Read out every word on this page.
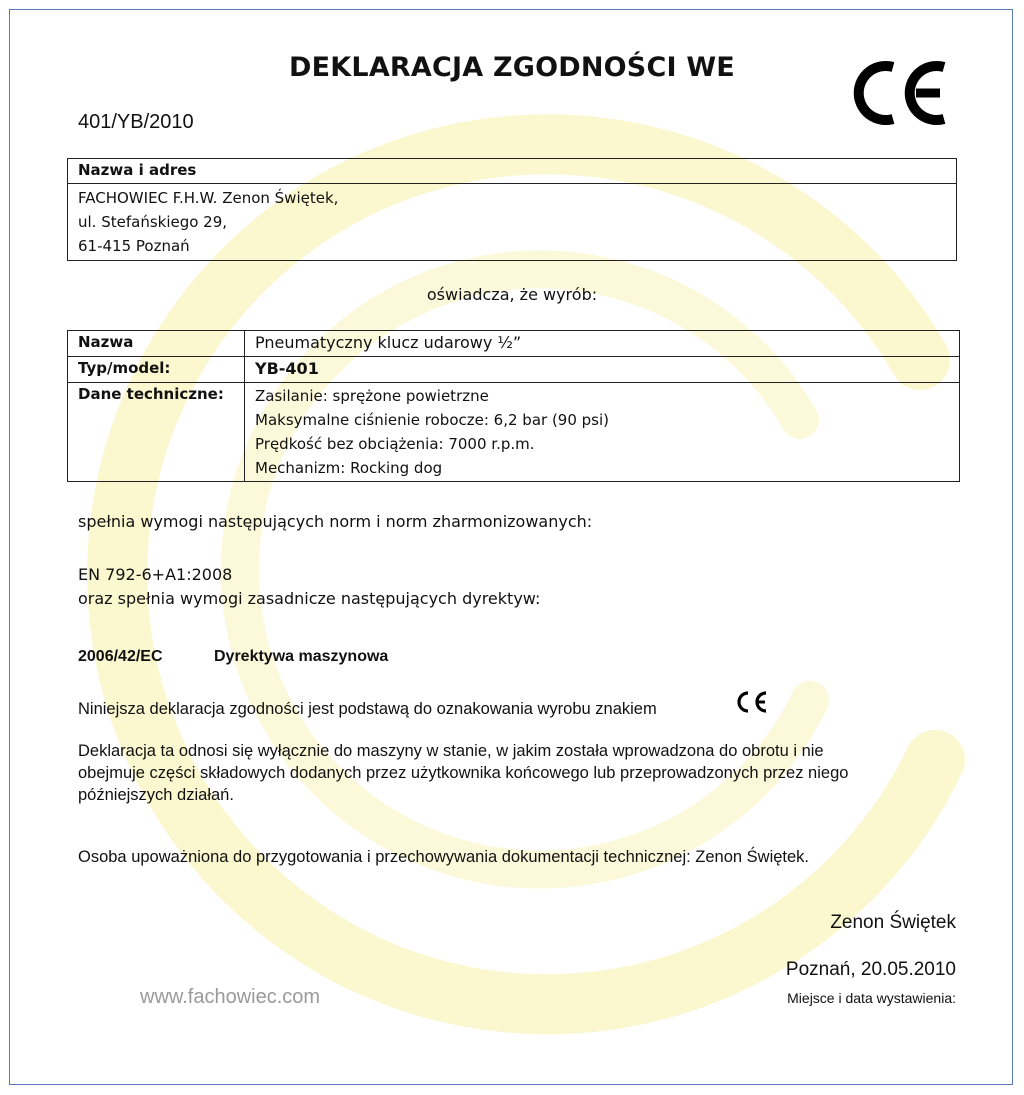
DEKLARACJA ZGODNOŚCI WE
401/YB/2010
Nazwa i adres

FACHOWIEC F.H.W. Zenon Świętek,
ul. Stefańskiego 29,
61-415 Poznań
oświadcza, że wyrób:
Nazwa	Pneumatyczny klucz udarowy ½”
Typ/model:	YB-401
Dane techniczne:	Zasilanie: sprężone powietrzne
Maksymalne ciśnienie robocze: 6,2 bar (90 psi)
Prędkość bez obciążenia: 7000 r.p.m.
Mechanizm: Rocking dog
spełnia wymogi następujących norm i norm zharmonizowanych:
EN 792-6+A1:2008
oraz spełnia wymogi zasadnicze następujących dyrektyw:
2006/42/EC	Dyrektywa maszynowa
Niniejsza deklaracja zgodności jest podstawą do oznakowania wyrobu znakiem
Deklaracja ta odnosi się wyłącznie do maszyny w stanie, w jakim została wprowadzona do obrotu i nie
obejmuje części składowych dodanych przez użytkownika końcowego lub przeprowadzonych przez niego
późniejszych działań.
Osoba upoważniona do przygotowania i przechowywania dokumentacji technicznej: Zenon Świętek.
Zenon Świętek
Poznań, 20.05.2010
Miejsce i data wystawienia:
www.fachowiec.com
